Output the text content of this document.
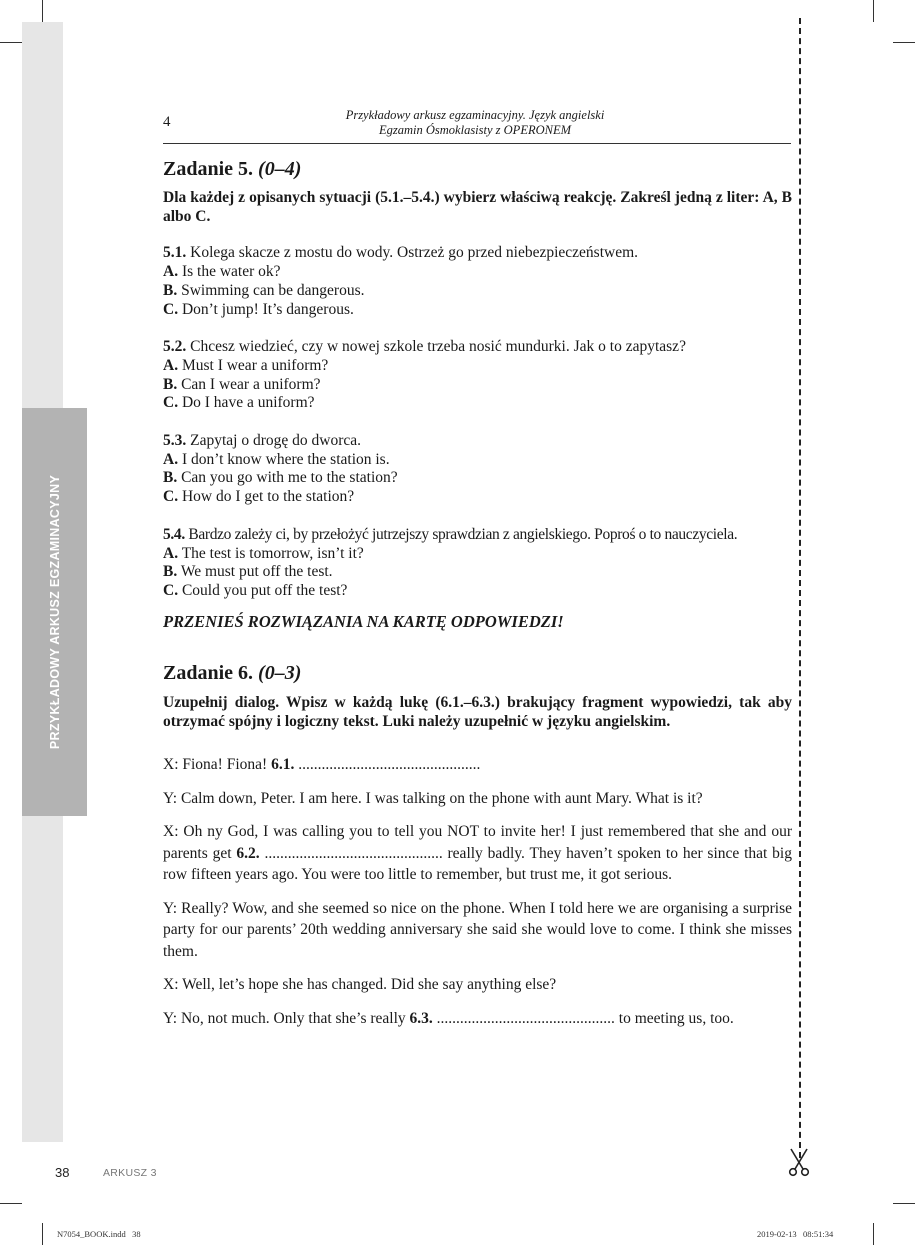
PRZYKŁADOWY ARKUSZ EGZAMINACYJNY
4	Przykładowy arkusz egzaminacyjny. Język angielski
Egzamin Ósmoklasisty z OPERONEM
Zadanie 5. (0–4)

Dla każdej z opisanych sytuacji (5.1.–5.4.) wybierz właściwą reakcję. Zakreśl jedną z liter: A, B albo C.

5.1. Kolega skacze z mostu do wody. Ostrzeż go przed niebezpieczeństwem.

A. Is the water ok?

B. Swimming can be dangerous.

C. Don’t jump! It’s dangerous.

5.2. Chcesz wiedzieć, czy w nowej szkole trzeba nosić mundurki. Jak o to zapytasz?

A. Must I wear a uniform?

B. Can I wear a uniform?

C. Do I have a uniform?

5.3. Zapytaj o drogę do dworca.

A. I don’t know where the station is.

B. Can you go with me to the station?

C. How do I get to the station?

5.4. Bardzo zależy ci, by przełożyć jutrzejszy sprawdzian z angielskiego. Poproś o to nauczyciela.

A. The test is tomorrow, isn’t it?

B. We must put off the test.

C. Could you put off the test?

PRZENIEŚ ROZWIĄZANIA NA KARTĘ ODPOWIEDZI!

Zadanie 6. (0–3)

Uzupełnij dialog. Wpisz w każdą lukę (6.1.–6.3.) brakujący fragment wypowiedzi, tak aby otrzymać spójny i logiczny tekst. Luki należy uzupełnić w języku angielskim.

X: Fiona! Fiona! 6.1. ...............................................

Y: Calm down, Peter. I am here. I was talking on the phone with aunt Mary. What is it?

X: Oh ny God, I was calling you to tell you NOT to invite her! I just remembered that she and our parents get 6.2. .............................................. really badly. They haven’t spoken to her since that big row fifteen years ago. You were too little to remember, but trust me, it got serious.

Y: Really? Wow, and she seemed so nice on the phone. When I told here we are organising a surprise party for our parents’ 20th wedding anniversary she said she would love to come. I think she misses them.

X: Well, let’s hope she has changed. Did she say anything else?

Y: No, not much. Only that she’s really 6.3. .............................................. to meeting us, too.

38	ARKUSZ 3
N7054_BOOK.indd   38	2019-02-13   08:51:34
